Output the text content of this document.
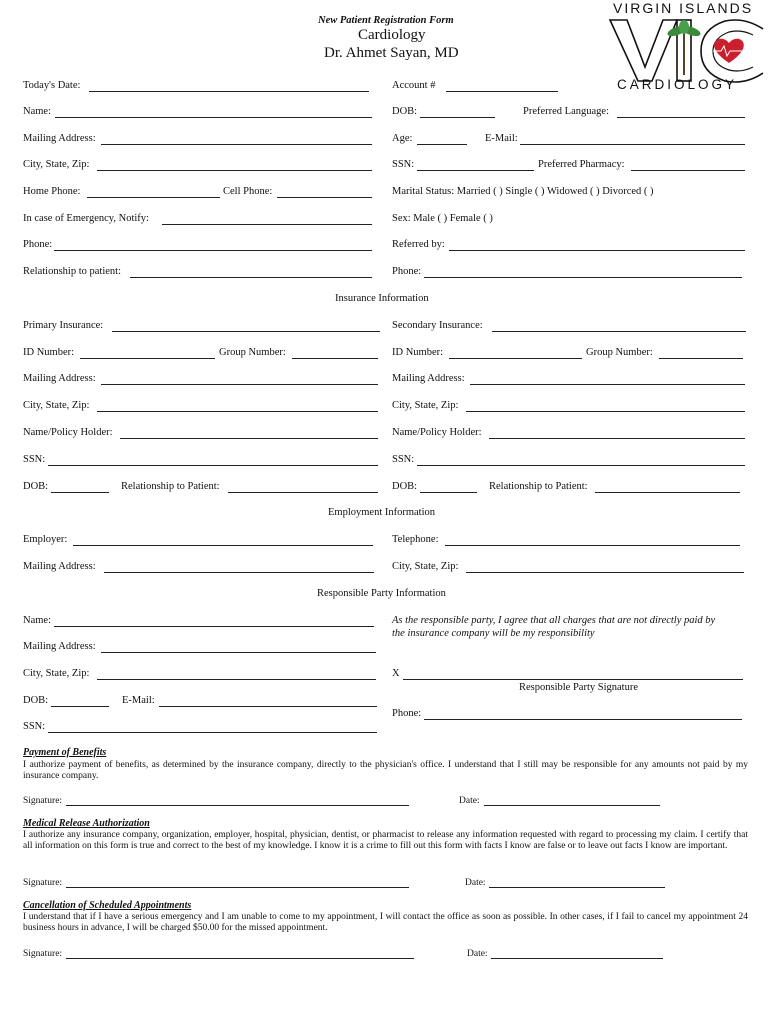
New Patient Registration Form
Cardiology
Dr. Ahmet Sayan, MD
VIRGIN ISLANDS
CARDIOLOGY
Today's Date:	Account #
Name:	DOB:	Preferred Language:
Mailing Address:	Age:	E-Mail:
City, State, Zip:	SSN:	Preferred Pharmacy:
Home Phone:	Cell Phone:	Marital Status: Married ( ) Single ( ) Widowed ( ) Divorced ( )
In case of Emergency, Notify:	Sex: Male ( ) Female ( )
Phone:	Referred by:
Relationship to patient:	Phone:
Insurance Information
Primary Insurance:	Secondary Insurance:
ID Number:	Group Number:	ID Number:	Group Number:
Mailing Address:	Mailing Address:
City, State, Zip:	City, State, Zip:
Name/Policy Holder:	Name/Policy Holder:
SSN:	SSN:
DOB:	Relationship to Patient:	DOB:	Relationship to Patient:
Employment Information
Employer:	Telephone:
Mailing Address:	City, State, Zip:
Responsible Party Information
Name:	As the responsible party, I agree that all charges that are not directly paid by
the insurance company will be my responsibility
Mailing Address:
City, State, Zip:	X
Responsible Party Signature
DOB:	E-Mail:
Phone:
SSN:
Payment of Benefits
I authorize payment of benefits, as determined by the insurance company, directly to the physician's office. I understand that I still may be responsible for any amounts not paid by my insurance company.
Signature:	Date:
Medical Release Authorization
I authorize any insurance company, organization, employer, hospital, physician, dentist, or pharmacist to release any information requested with regard to processing my claim. I certify that all information on this form is true and correct to the best of my knowledge. I know it is a crime to fill out this form with facts I know are false or to leave out facts I know are important.
Signature:	Date:
Cancellation of Scheduled Appointments
I understand that if I have a serious emergency and I am unable to come to my appointment, I will contact the office as soon as possible. In other cases, if I fail to cancel my appointment 24 business hours in advance, I will be charged $50.00 for the missed appointment.
Signature:	Date:
